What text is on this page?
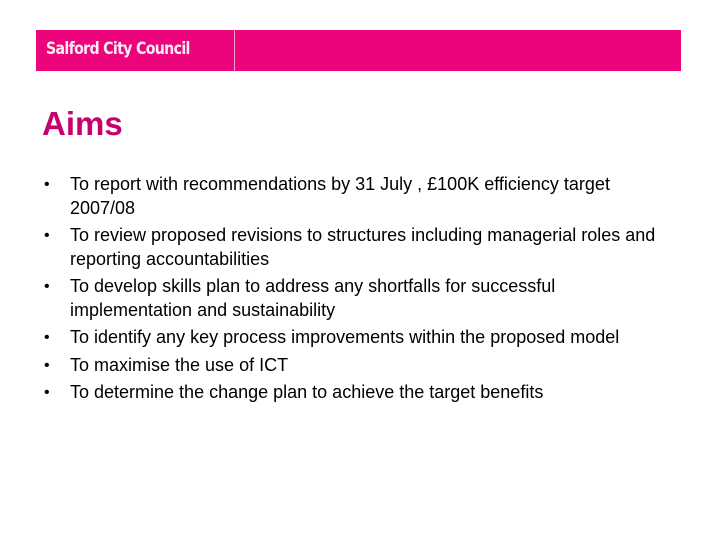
Salford City Council
Aims
• To report with recommendations by 31 July , £100K efficiency target 2007/08
• To review proposed revisions to structures including managerial roles and reporting accountabilities
• To develop skills plan to address any shortfalls for successful implementation and sustainability
• To identify any key process improvements within the proposed model
• To maximise the use of ICT
• To determine the change plan to achieve the target benefits
